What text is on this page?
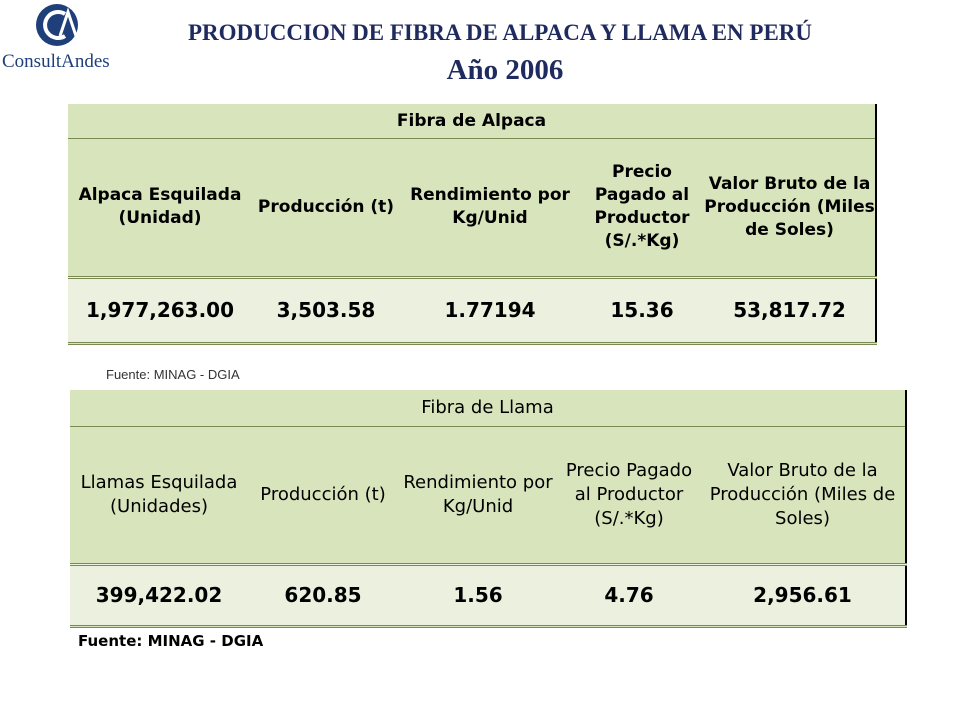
ConsultAndes
PRODUCCION DE FIBRA DE ALPACA Y LLAMA EN PERÚ
Año 2006
Fibra de Alpaca				
Alpaca Esquilada (Unidad)	Producción (t)	Rendimiento por Kg/Unid	Precio Pagado al Productor (S/.*Kg)	Valor Bruto de la Producción (Miles de Soles)
1,977,263.00	3,503.58	1.77194	15.36	53,817.72
Fuente: MINAG - DGIA
Fibra de Llama				
Llamas Esquilada (Unidades)	Producción (t)	Rendimiento por Kg/Unid	Precio Pagado al Productor (S/.*Kg)	Valor Bruto de la Producción (Miles de Soles)
399,422.02	620.85	1.56	4.76	2,956.61
Fuente: MINAG - DGIA
